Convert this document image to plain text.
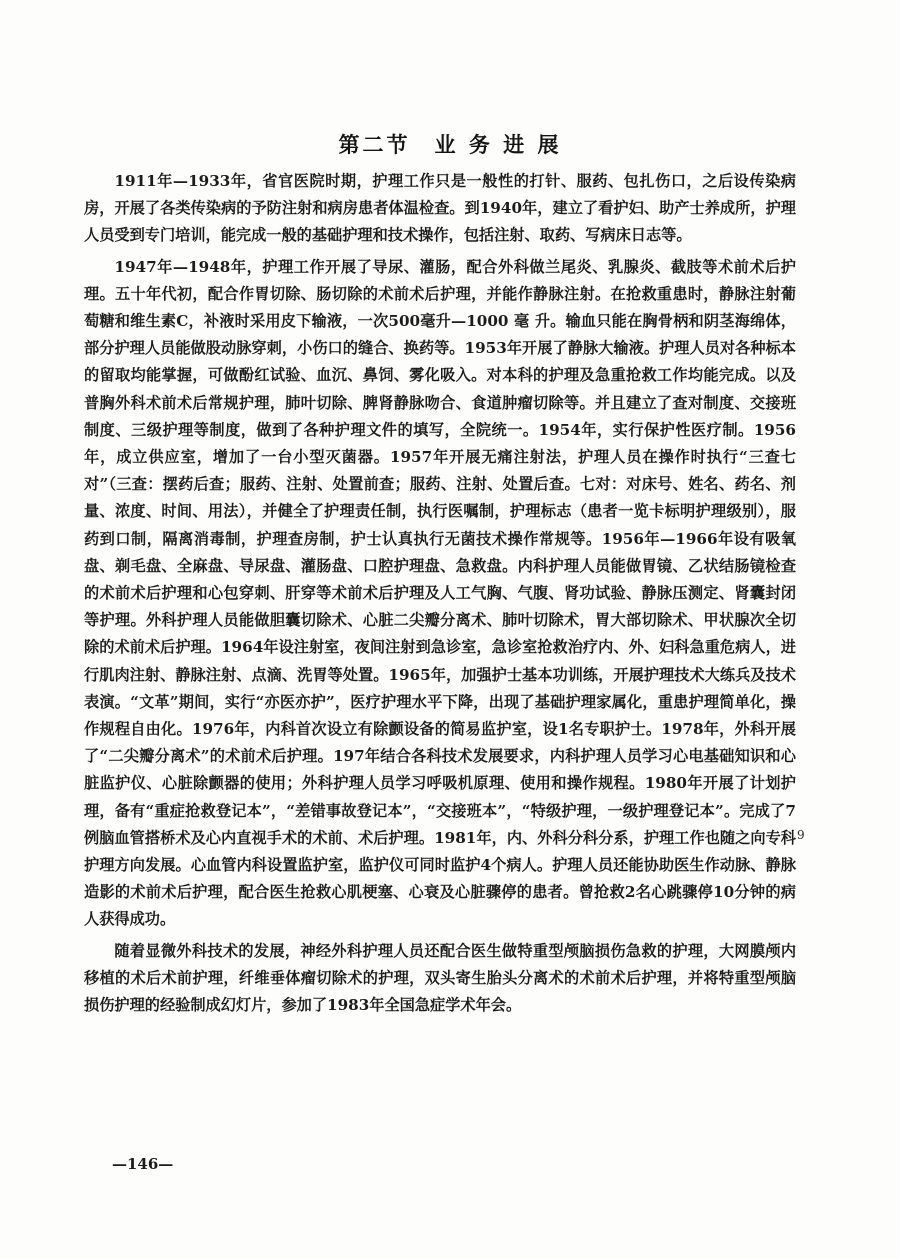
第二节　业 务 进 展

1911年—1933年，省官医院时期，护理工作只是一般性的打针、服药、包扎伤口，之后设传染病房，开展了各类传染病的予防注射和病房患者体温检查。到1940年，建立了看护妇、助产士养成所，护理人员受到专门培训，能完成一般的基础护理和技术操作，包括注射、取药、写病床日志等。

1947年—1948年，护理工作开展了导尿、灌肠，配合外科做兰尾炎、乳腺炎、截肢等术前术后护理。五十年代初，配合作胃切除、肠切除的术前术后护理，并能作静脉注射。在抢救重患时，静脉注射葡萄糖和维生素C，补液时采用皮下输液，一次500毫升—1000 毫 升。输血只能在胸骨柄和阴茎海绵体，部分护理人员能做股动脉穿刺，小伤口的缝合、换药等。1953年开展了静脉大输液。护理人员对各种标本的留取均能掌握，可做酚红试验、血沉、鼻饲、雾化吸入。对本科的护理及急重抢救工作均能完成。以及普胸外科术前术后常规护理，肺叶切除、脾肾静脉吻合、食道肿瘤切除等。并且建立了查对制度、交接班制度、三级护理等制度，做到了各种护理文件的填写，全院统一。1954年，实行保护性医疗制。1956年，成立供应室，增加了一台小型灭菌器。1957年开展无痛注射法，护理人员在操作时执行“三查七对”（三查：摆药后查；服药、注射、处置前查；服药、注射、处置后查。七对：对床号、姓名、药名、剂量、浓度、时间、用法），并健全了护理责任制，执行医嘱制，护理标志（患者一览卡标明护理级别），服药到口制，隔离消毒制，护理查房制，护士认真执行无菌技术操作常规等。1956年—1966年设有吸氧盘、剃毛盘、全麻盘、导尿盘、灌肠盘、口腔护理盘、急救盘。内科护理人员能做胃镜、乙状结肠镜检查的术前术后护理和心包穿刺、肝穿等术前术后护理及人工气胸、气腹、肾功试验、静脉压测定、肾囊封闭等护理。外科护理人员能做胆囊切除术、心脏二尖瓣分离术、肺叶切除术，胃大部切除术、甲状腺次全切除的术前术后护理。1964年设注射室，夜间注射到急诊室，急诊室抢救治疗内、外、妇科急重危病人，进行肌肉注射、静脉注射、点滴、洗胃等处置。1965年，加强护士基本功训练，开展护理技术大练兵及技术表演。“文革”期间，实行“亦医亦护”，医疗护理水平下降，出现了基础护理家属化，重患护理简单化，操作规程自由化。1976年，内科首次设立有除颤设备的简易监护室，设1名专职护士。1978年，外科开展了“二尖瓣分离术”的术前术后护理。197年结合各科技术发展要求，内科护理人员学习心电基础知识和心脏监护仪、心脏除颤器的使用；外科护理人员学习呼吸机原理、使用和操作规程。1980年开展了计划护理，备有“重症抢救登记本”，“差错事故登记本”，“交接班本”，“特级护理，一级护理登记本”。完成了7例脑血管搭桥术及心内直视手术的术前、术后护理。1981年，内、外科分科分系，护理工作也随之向专科护理方向发展。心血管内科设置监护室，监护仪可同时监护4个病人。护理人员还能协助医生作动脉、静脉造影的术前术后护理，配合医生抢救心肌梗塞、心衰及心脏骤停的患者。曾抢救2名心跳骤停10分钟的病人获得成功。

随着显微外科技术的发展，神经外科护理人员还配合医生做特重型颅脑损伤急救的护理，大网膜颅内移植的术后术前护理，纤维垂体瘤切除术的护理，双头寄生胎头分离术的术前术后护理，并将特重型颅脑损伤护理的经验制成幻灯片，参加了1983年全国急症学术年会。

9
—146—
